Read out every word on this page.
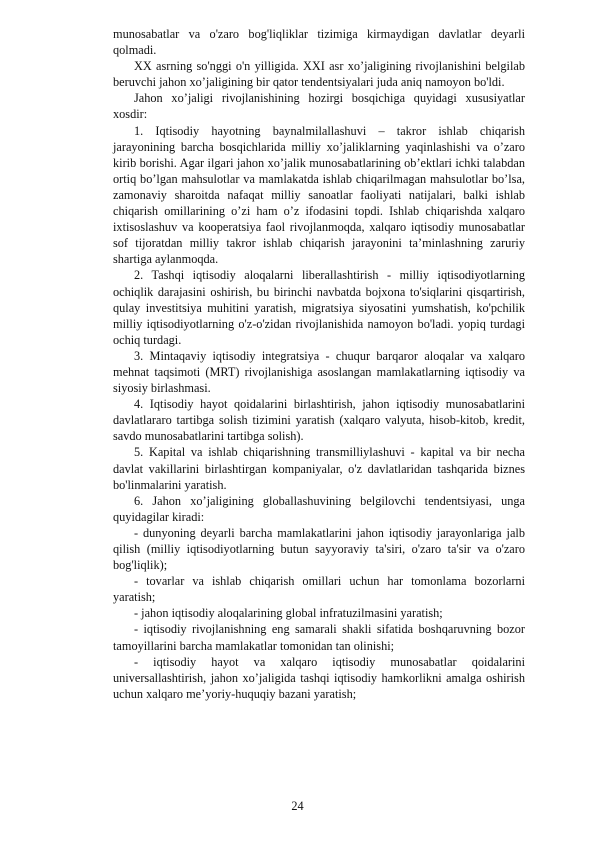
munosabatlar va o'zaro bog'liqliklar tizimiga kirmaydigan davlatlar deyarli qolmadi.

XX asrning so'nggi o'n yilligida. XXI asr xo’jaligining rivojlanishini belgilab beruvchi jahon xo’jaligining bir qator tendentsiyalari juda aniq namoyon bo'ldi.

Jahon xo’jaligi rivojlanishining hozirgi bosqichiga quyidagi xususiyatlar xosdir:

1. Iqtisodiy hayotning baynalmilallashuvi – takror ishlab chiqarish jarayonining barcha bosqichlarida milliy xo’jaliklarning yaqinlashishi va o’zaro kirib borishi. Agar ilgari jahon xo’jalik munosabatlarining ob’ektlari ichki talabdan ortiq bo’lgan mahsulotlar va mamlakatda ishlab chiqarilmagan mahsulotlar bo’lsa, zamonaviy sharoitda nafaqat milliy sanoatlar faoliyati natijalari, balki ishlab chiqarish omillarining o’zi ham o’z ifodasini topdi. Ishlab chiqarishda xalqaro ixtisoslashuv va kooperatsiya faol rivojlanmoqda, xalqaro iqtisodiy munosabatlar sof tijoratdan milliy takror ishlab chiqarish jarayonini ta’minlashning zaruriy shartiga aylanmoqda.

2. Tashqi iqtisodiy aloqalarni liberallashtirish - milliy iqtisodiyotlarning ochiqlik darajasini oshirish, bu birinchi navbatda bojxona to'siqlarini qisqartirish, qulay investitsiya muhitini yaratish, migratsiya siyosatini yumshatish, ko'pchilik milliy iqtisodiyotlarning o'z-o'zidan rivojlanishida namoyon bo'ladi. yopiq turdagi ochiq turdagi.

3. Mintaqaviy iqtisodiy integratsiya - chuqur barqaror aloqalar va xalqaro mehnat taqsimoti (MRT) rivojlanishiga asoslangan mamlakatlarning iqtisodiy va siyosiy birlashmasi.

4. Iqtisodiy hayot qoidalarini birlashtirish, jahon iqtisodiy munosabatlarini davlatlararo tartibga solish tizimini yaratish (xalqaro valyuta, hisob-kitob, kredit, savdo munosabatlarini tartibga solish).

5. Kapital va ishlab chiqarishning transmilliylashuvi - kapital va bir necha davlat vakillarini birlashtirgan kompaniyalar, o'z davlatlaridan tashqarida biznes bo'linmalarini yaratish.

6. Jahon xo’jaligining globallashuvining belgilovchi tendentsiyasi, unga quyidagilar kiradi:

- dunyoning deyarli barcha mamlakatlarini jahon iqtisodiy jarayonlariga jalb qilish (milliy iqtisodiyotlarning butun sayyoraviy ta'siri, o'zaro ta'sir va o'zaro bog'liqlik);

- tovarlar va ishlab chiqarish omillari uchun har tomonlama bozorlarni yaratish;

- jahon iqtisodiy aloqalarining global infratuzilmasini yaratish;

- iqtisodiy rivojlanishning eng samarali shakli sifatida boshqaruvning bozor tamoyillarini barcha mamlakatlar tomonidan tan olinishi;

- iqtisodiy hayot va xalqaro iqtisodiy munosabatlar qoidalarini universallashtirish, jahon xo’jaligida tashqi iqtisodiy hamkorlikni amalga oshirish uchun xalqaro me’yoriy-huquqiy bazani yaratish;

24
